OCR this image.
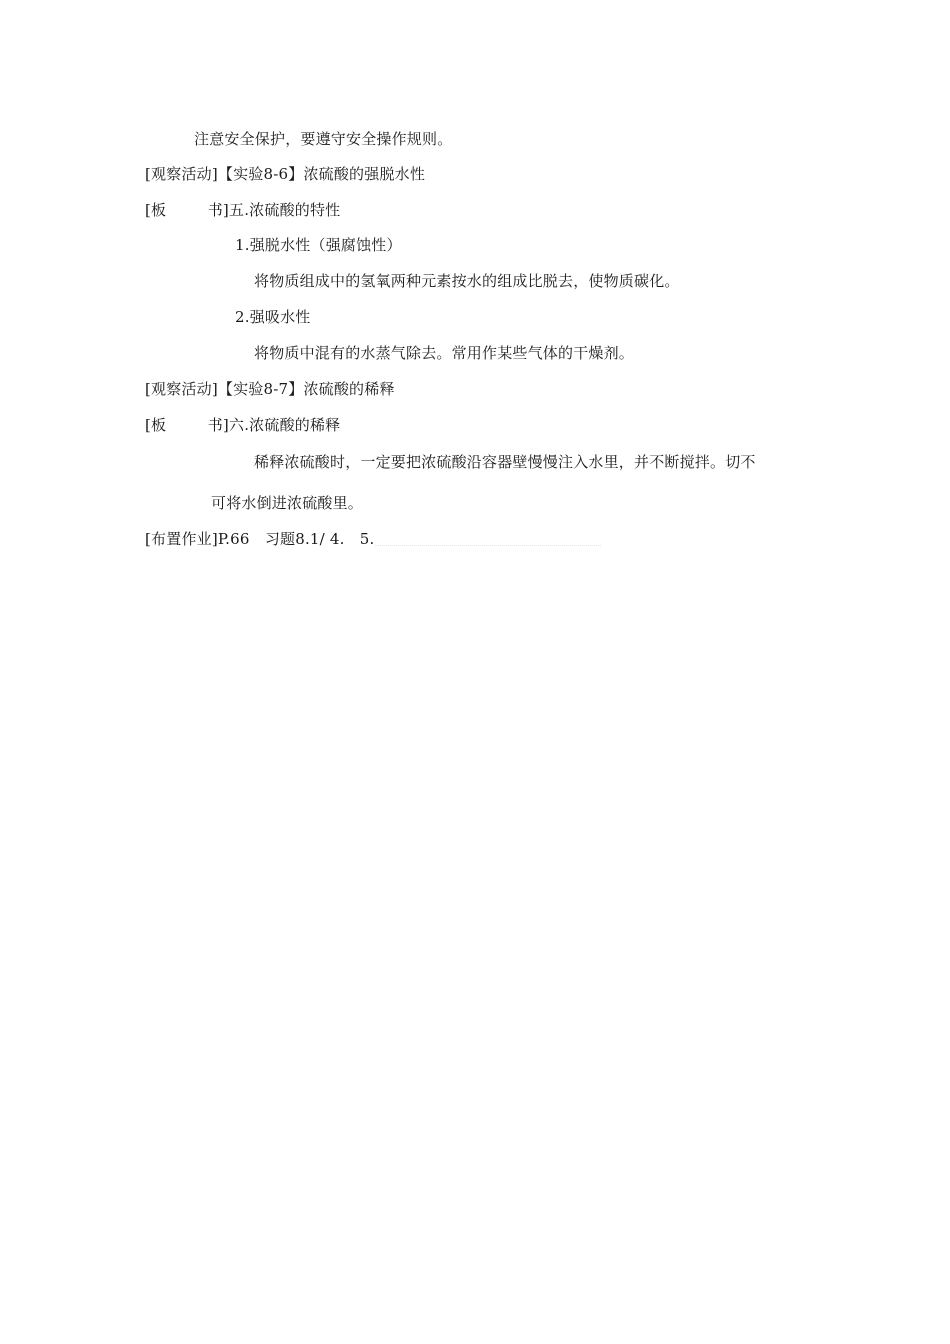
注意安全保护，要遵守安全操作规则。
[观察活动]【实验8-6】浓硫酸的强脱水性
[板	书] 五.浓硫酸的特性
1.强脱水性（强腐蚀性）
将物质组成中的氢氧两种元素按水的组成比脱去，使物质碳化。
2.强吸水性
将物质中混有的水蒸气除去。常用作某些气体的干燥剂。
[观察活动]【实验8-7】浓硫酸的稀释
[板	书] 六.浓硫酸的稀释
稀释浓硫酸时，一定要把浓硫酸沿容器壁慢慢注入水里，并不断搅拌。切不
可将水倒进浓硫酸里。
[布置作业]P.66　习题8.1/ 4.　5.
